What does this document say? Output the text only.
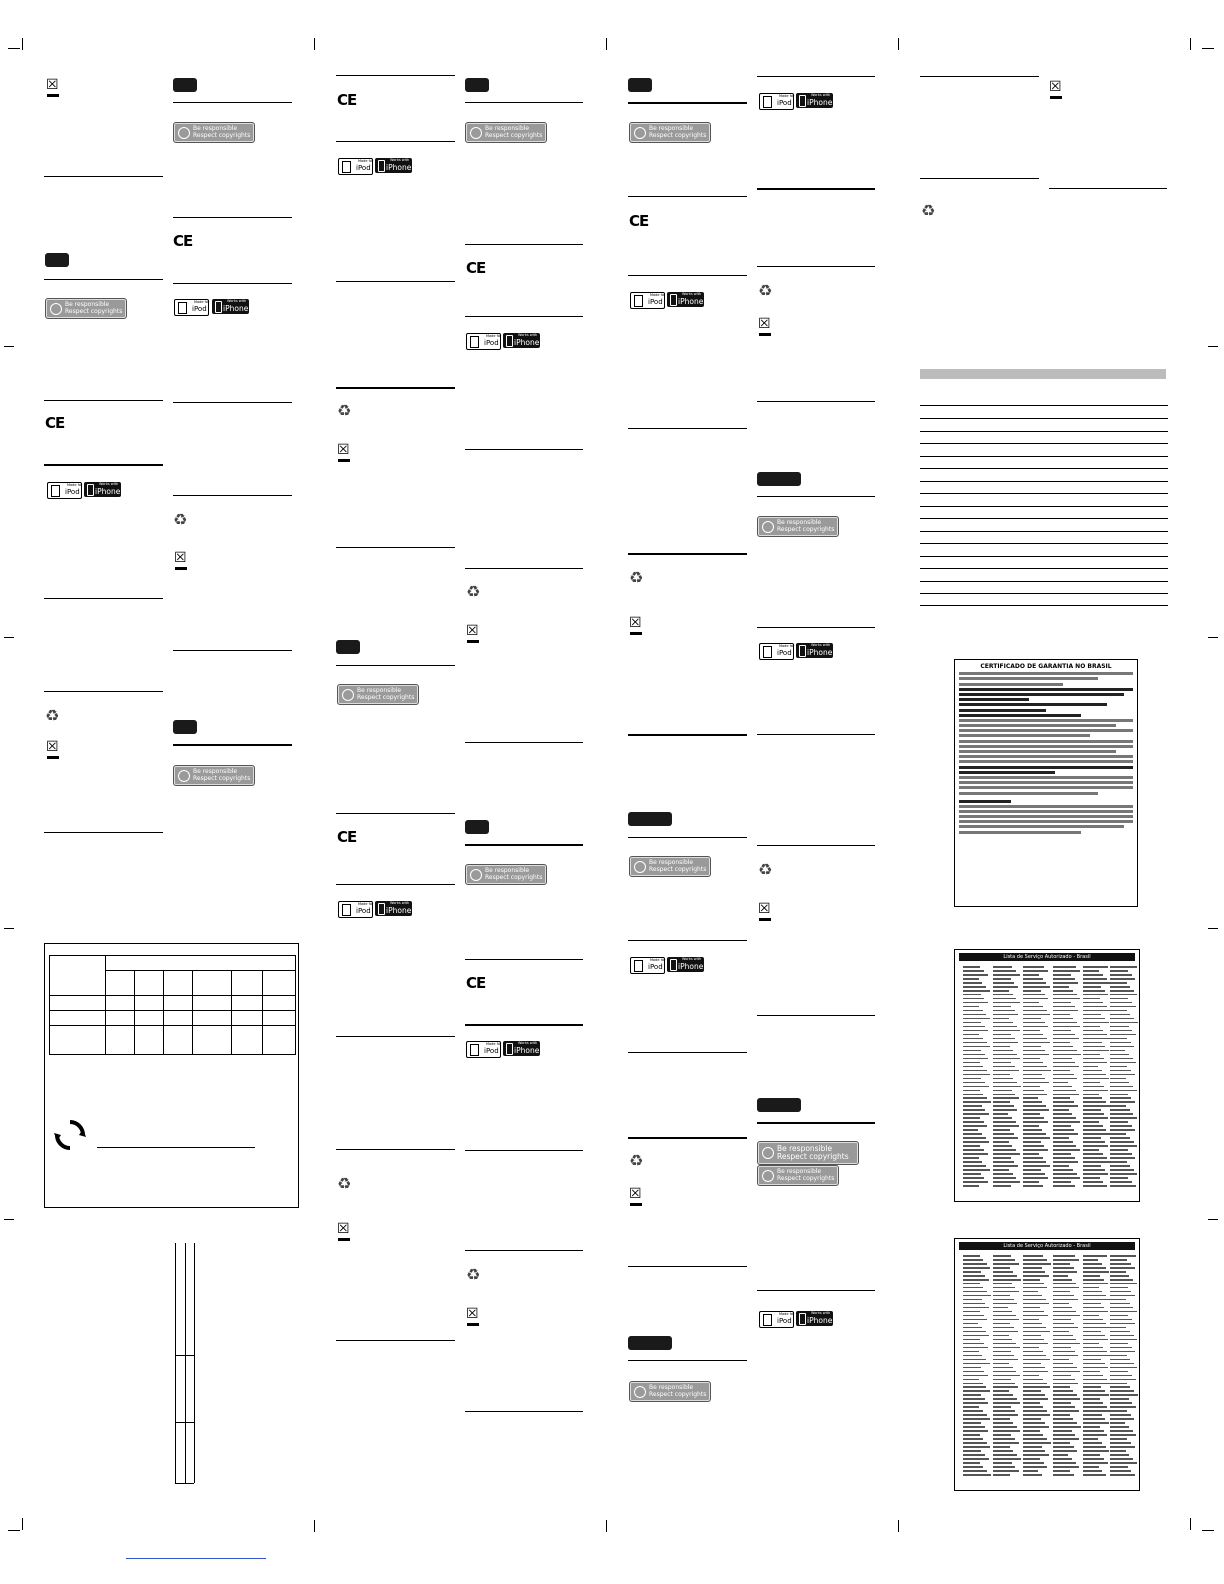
☒
Be responsible
Respect copyrights
CE
Made for
iPod
Works with
iPhone
♻
☒
Be responsible
Respect copyrights
CE
Made for
iPod
Works with
iPhone
♻
☒
Be responsible
Respect copyrights

CE
Made for
iPod
Works with
iPhone
♻
☒
Be responsible
Respect copyrights
CE
Made for
iPod
Works with
iPhone
♻
☒
Be responsible
Respect copyrights
CE
Made for
iPod
Works with
iPhone
♻
☒
Be responsible
Respect copyrights
CE
Made for
iPod
Works with
iPhone
♻
☒
Be responsible
Respect copyrights
CE
Made for
iPod
Works with
iPhone
♻
☒
Be responsible
Respect copyrights
Made for
iPod
Works with
iPhone
♻
☒
Be responsible
Respect copyrights
Made for
iPod
Works with
iPhone
♻
☒
Be responsible
Respect copyrights
Made for
iPod
Works with
iPhone
♻
☒
Be responsible
Respect copyrights
Be responsible
Respect copyrights
Made for
iPod
Works with
iPhone
☒
♻
CERTIFICADO DE GARANTIA NO BRASIL
Lista de Serviço Autorizado - Brasil
Lista de Serviço Autorizado - Brasil
